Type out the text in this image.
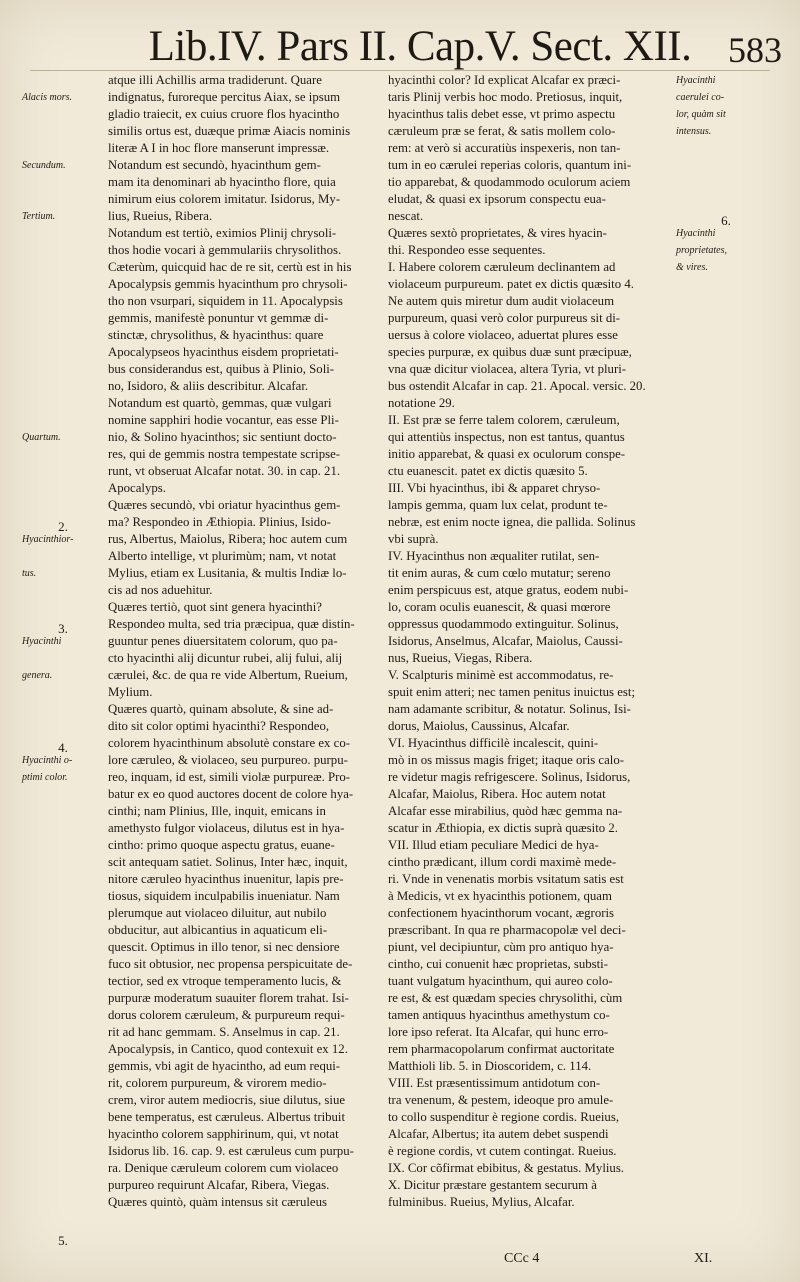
Lib.IV. Pars II. Cap.V. Sect. XII.	583
Alacis mors.
Secundum.
Tertium.
Quartum.
2.
Hyacinthior-
tus.
3.
Hyacinthi
genera.
4.
Hyacinthi o-
ptimi color.
5.
atque illi Achillis arma tradiderunt. Quare
indignatus, furoreque percitus Aiax, se ipsum
gladio traiecit, ex cuius cruore flos hyacintho
similis ortus est, duæque primæ Aiacis nominis
literæ A I in hoc flore manserunt impressæ.
Notandum est secundò, hyacinthum gem-
mam ita denominari ab hyacintho flore, quia
nimirum eius colorem imitatur. Isidorus, My-
lius, Rueius, Ribera.
Notandum est tertiò, eximios Plinij chrysoli-
thos hodie vocari à gemmulariis chrysolithos.
Cæterùm, quicquid hac de re sit, certù est in his
Apocalypsis gemmis hyacinthum pro chrysoli-
tho non vsurpari, siquidem in 11. Apocalypsis
gemmis, manifestè ponuntur vt gemmæ di-
stinctæ, chrysolithus, & hyacinthus: quare
Apocalypseos hyacinthus eisdem proprietati-
bus considerandus est, quibus à Plinio, Soli-
no, Isidoro, & aliis describitur. Alcafar.
Notandum est quartò, gemmas, quæ vulgari
nomine sapphiri hodie vocantur, eas esse Pli-
nio, & Solino hyacinthos; sic sentiunt docto-
res, qui de gemmis nostra tempestate scripse-
runt, vt obseruat Alcafar notat. 30. in cap. 21.
Apocalyps.
Quæres secundò, vbi oriatur hyacinthus gem-
ma? Respondeo in Æthiopia. Plinius, Isido-
rus, Albertus, Maiolus, Ribera; hoc autem cum
Alberto intellige, vt plurimùm; nam, vt notat
Mylius, etiam ex Lusitania, & multis Indiæ lo-
cis ad nos aduehitur.
Quæres tertiò, quot sint genera hyacinthi?
Respondeo multa, sed tria præcipua, quæ distin-
guuntur penes diuersitatem colorum, quo pa-
cto hyacinthi alij dicuntur rubei, alij fului, alij
cærulei, &c. de qua re vide Albertum, Rueium,
Mylium.
Quæres quartò, quinam absolute, & sine ad-
dito sit color optimi hyacinthi? Respondeo,
colorem hyacinthinum absolutè constare ex co-
lore cæruleo, & violaceo, seu purpureo. purpu-
reo, inquam, id est, simili violæ purpureæ. Pro-
batur ex eo quod auctores docent de colore hya-
cinthi; nam Plinius, Ille, inquit, emicans in
amethysto fulgor violaceus, dilutus est in hya-
cintho: primo quoque aspectu gratus, euane-
scit antequam satiet. Solinus, Inter hæc, inquit,
nitore cæruleo hyacinthus inuenitur, lapis pre-
tiosus, siquidem inculpabilis inueniatur. Nam
plerumque aut violaceo diluitur, aut nubilo
obducitur, aut albicantius in aquaticum eli-
quescit. Optimus in illo tenor, si nec densiore
fuco sit obtusior, nec propensa perspicuitate de-
tectior, sed ex vtroque temperamento lucis, &
purpuræ moderatum suauiter florem trahat. Isi-
dorus colorem cæruleum, & purpureum requi-
rit ad hanc gemmam. S. Anselmus in cap. 21.
Apocalypsis, in Cantico, quod contexuit ex 12.
gemmis, vbi agit de hyacintho, ad eum requi-
rit, colorem purpureum, & virorem medio-
crem, viror autem mediocris, siue dilutus, siue
bene temperatus, est cæruleus. Albertus tribuit
hyacintho colorem sapphirinum, qui, vt notat
Isidorus lib. 16. cap. 9. est cæruleus cum purpu-
ra. Denique cæruleum colorem cum violaceo
purpureo requirunt Alcafar, Ribera, Viegas.
Quæres quintò, quàm intensus sit cæruleus
hyacinthi color? Id explicat Alcafar ex præci-
taris Plinij verbis hoc modo. Pretiosus, inquit,
hyacinthus talis debet esse, vt primo aspectu
cæruleum præ se ferat, & satis mollem colo-
rem: at verò si accuratiùs inspexeris, non tan-
tum in eo cærulei reperias coloris, quantum ini-
tio apparebat, & quodammodo oculorum aciem
eludat, & quasi ex ipsorum conspectu eua-
nescat.
Quæres sextò proprietates, & vires hyacin-
thi. Respondeo esse sequentes.
I. Habere colorem cæruleum declinantem ad
violaceum purpureum. patet ex dictis quæsito 4.
Ne autem quis miretur dum audit violaceum
purpureum, quasi verò color purpureus sit di-
uersus à colore violaceo, aduertat plures esse
species purpuræ, ex quibus duæ sunt præcipuæ,
vna quæ dicitur violacea, altera Tyria, vt pluri-
bus ostendit Alcafar in cap. 21. Apocal. versic. 20.
notatione 29.
II. Est præ se ferre talem colorem, cæruleum,
qui attentiùs inspectus, non est tantus, quantus
initio apparebat, & quasi ex oculorum conspe-
ctu euanescit. patet ex dictis quæsito 5.
III. Vbi hyacinthus, ibi & apparet chryso-
lampis gemma, quam lux celat, produnt te-
nebræ, est enim nocte ignea, die pallida. Solinus
vbi suprà.
IV. Hyacinthus non æqualiter rutilat, sen-
tit enim auras, & cum cœlo mutatur; sereno
enim perspicuus est, atque gratus, eodem nubi-
lo, coram oculis euanescit, & quasi mœrore
oppressus quodammodo extinguitur. Solinus,
Isidorus, Anselmus, Alcafar, Maiolus, Caussi-
nus, Rueius, Viegas, Ribera.
V. Scalpturis minimè est accommodatus, re-
spuit enim atteri; nec tamen penitus inuictus est;
nam adamante scribitur, & notatur. Solinus, Isi-
dorus, Maiolus, Caussinus, Alcafar.
VI. Hyacinthus difficilè incalescit, quini-
mò in os missus magis friget; itaque oris calo-
re videtur magis refrigescere. Solinus, Isidorus,
Alcafar, Maiolus, Ribera. Hoc autem notat
Alcafar esse mirabilius, quòd hæc gemma na-
scatur in Æthiopia, ex dictis suprà quæsito 2.
VII. Illud etiam peculiare Medici de hya-
cintho prædicant, illum cordi maximè mede-
ri. Vnde in venenatis morbis vsitatum satis est
à Medicis, vt ex hyacinthis potionem, quam
confectionem hyacinthorum vocant, ægroris
præscribant. In qua re pharmacopolæ vel deci-
piunt, vel decipiuntur, cùm pro antiquo hya-
cintho, cui conuenit hæc proprietas, substi-
tuant vulgatum hyacinthum, qui aureo colo-
re est, & est quædam species chrysolithi, cùm
tamen antiquus hyacinthus amethystum co-
lore ipso referat. Ita Alcafar, qui hunc erro-
rem pharmacopolarum confirmat auctoritate
Matthioli lib. 5. in Dioscoridem, c. 114.
VIII. Est præsentissimum antidotum con-
tra venenum, & pestem, ideoque pro amule-
to collo suspenditur è regione cordis. Rueius,
Alcafar, Albertus; ita autem debet suspendi
è regione cordis, vt cutem contingat. Rueius.
IX. Cor cõfirmat ebibitus, & gestatus. Mylius.
X. Dicitur præstare gestantem securum à
fulminibus. Rueius, Mylius, Alcafar.
Hyacinthi
caerulei co-
lor, quàm sit
intensus.
6.
Hyacinthi
proprietates,
& vires.
CCc 4	XI.
